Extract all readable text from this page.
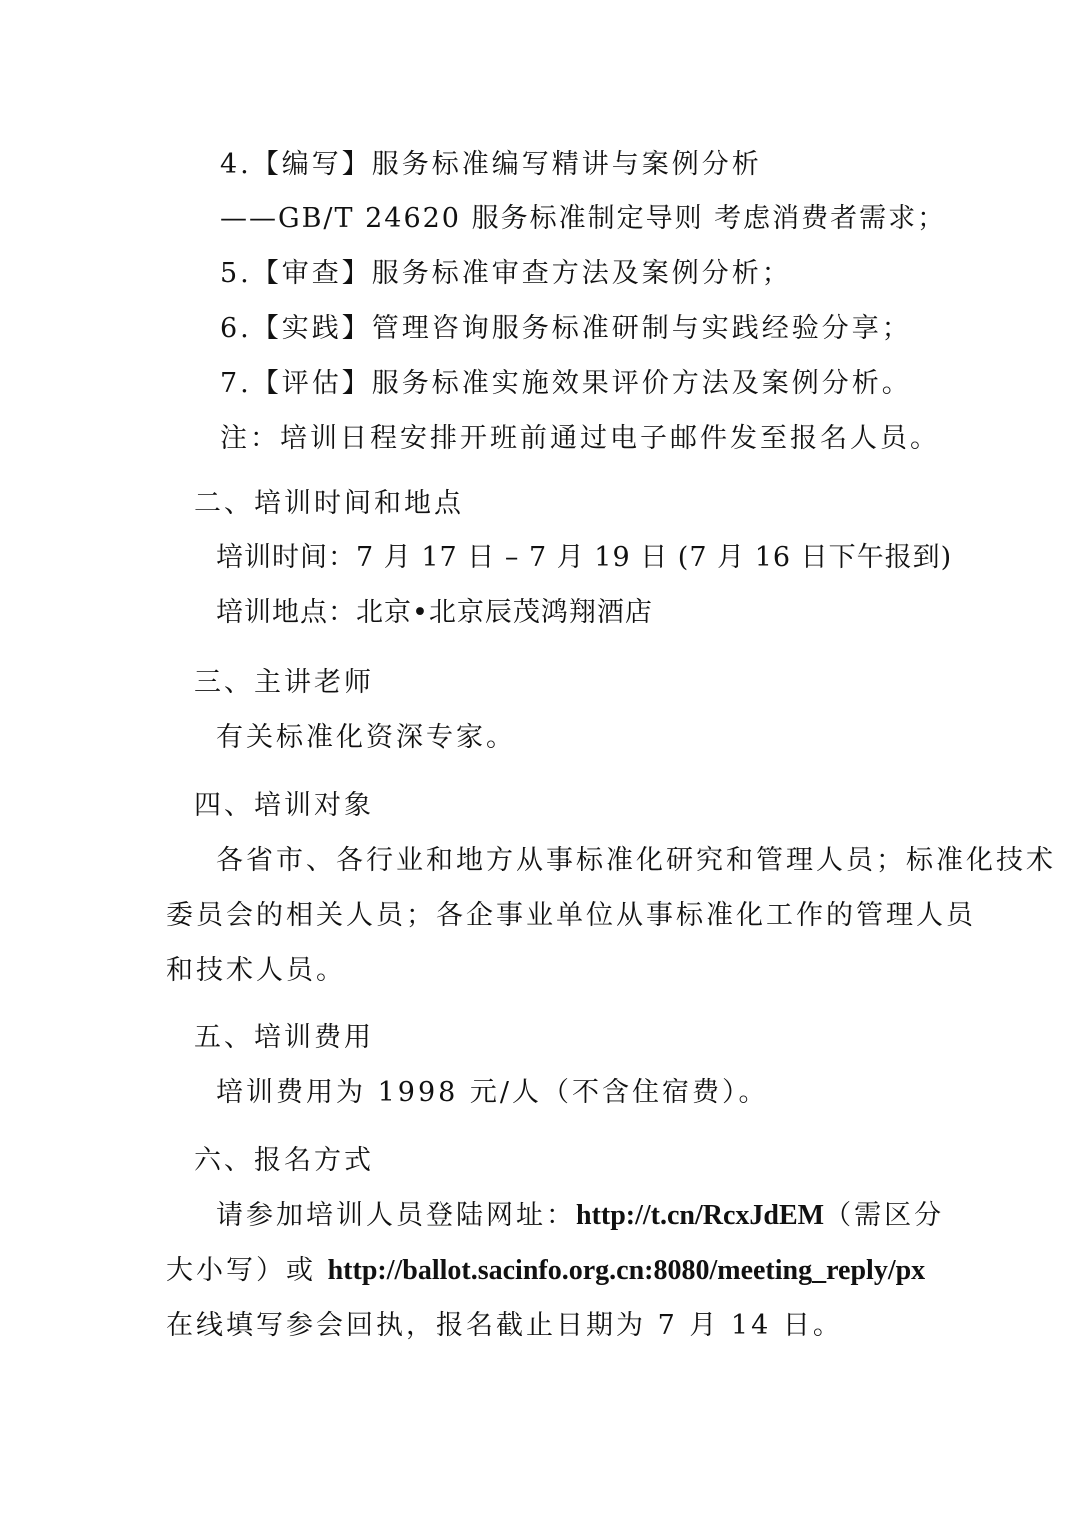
4.【编写】服务标准编写精讲与案例分析
——GB/T 24620 服务标准制定导则 考虑消费者需求；
5.【审查】服务标准审查方法及案例分析；
6.【实践】管理咨询服务标准研制与实践经验分享；
7.【评估】服务标准实施效果评价方法及案例分析。
注：培训日程安排开班前通过电子邮件发至报名人员。
二、培训时间和地点
培训时间：7 月 17 日 – 7 月 19 日 (7 月 16 日下午报到)
培训地点：北京•北京辰茂鸿翔酒店
三、主讲老师
有关标准化资深专家。
四、培训对象
各省市、各行业和地方从事标准化研究和管理人员；标准化技术
委员会的相关人员；各企事业单位从事标准化工作的管理人员
和技术人员。
五、培训费用
培训费用为 1998 元/人（不含住宿费）。
六、报名方式
请参加培训人员登陆网址：http://t.cn/RcxJdEM（需区分
大小写）或 http://ballot.sacinfo.org.cn:8080/meeting_reply/px
在线填写参会回执，报名截止日期为 7 月 14 日。
